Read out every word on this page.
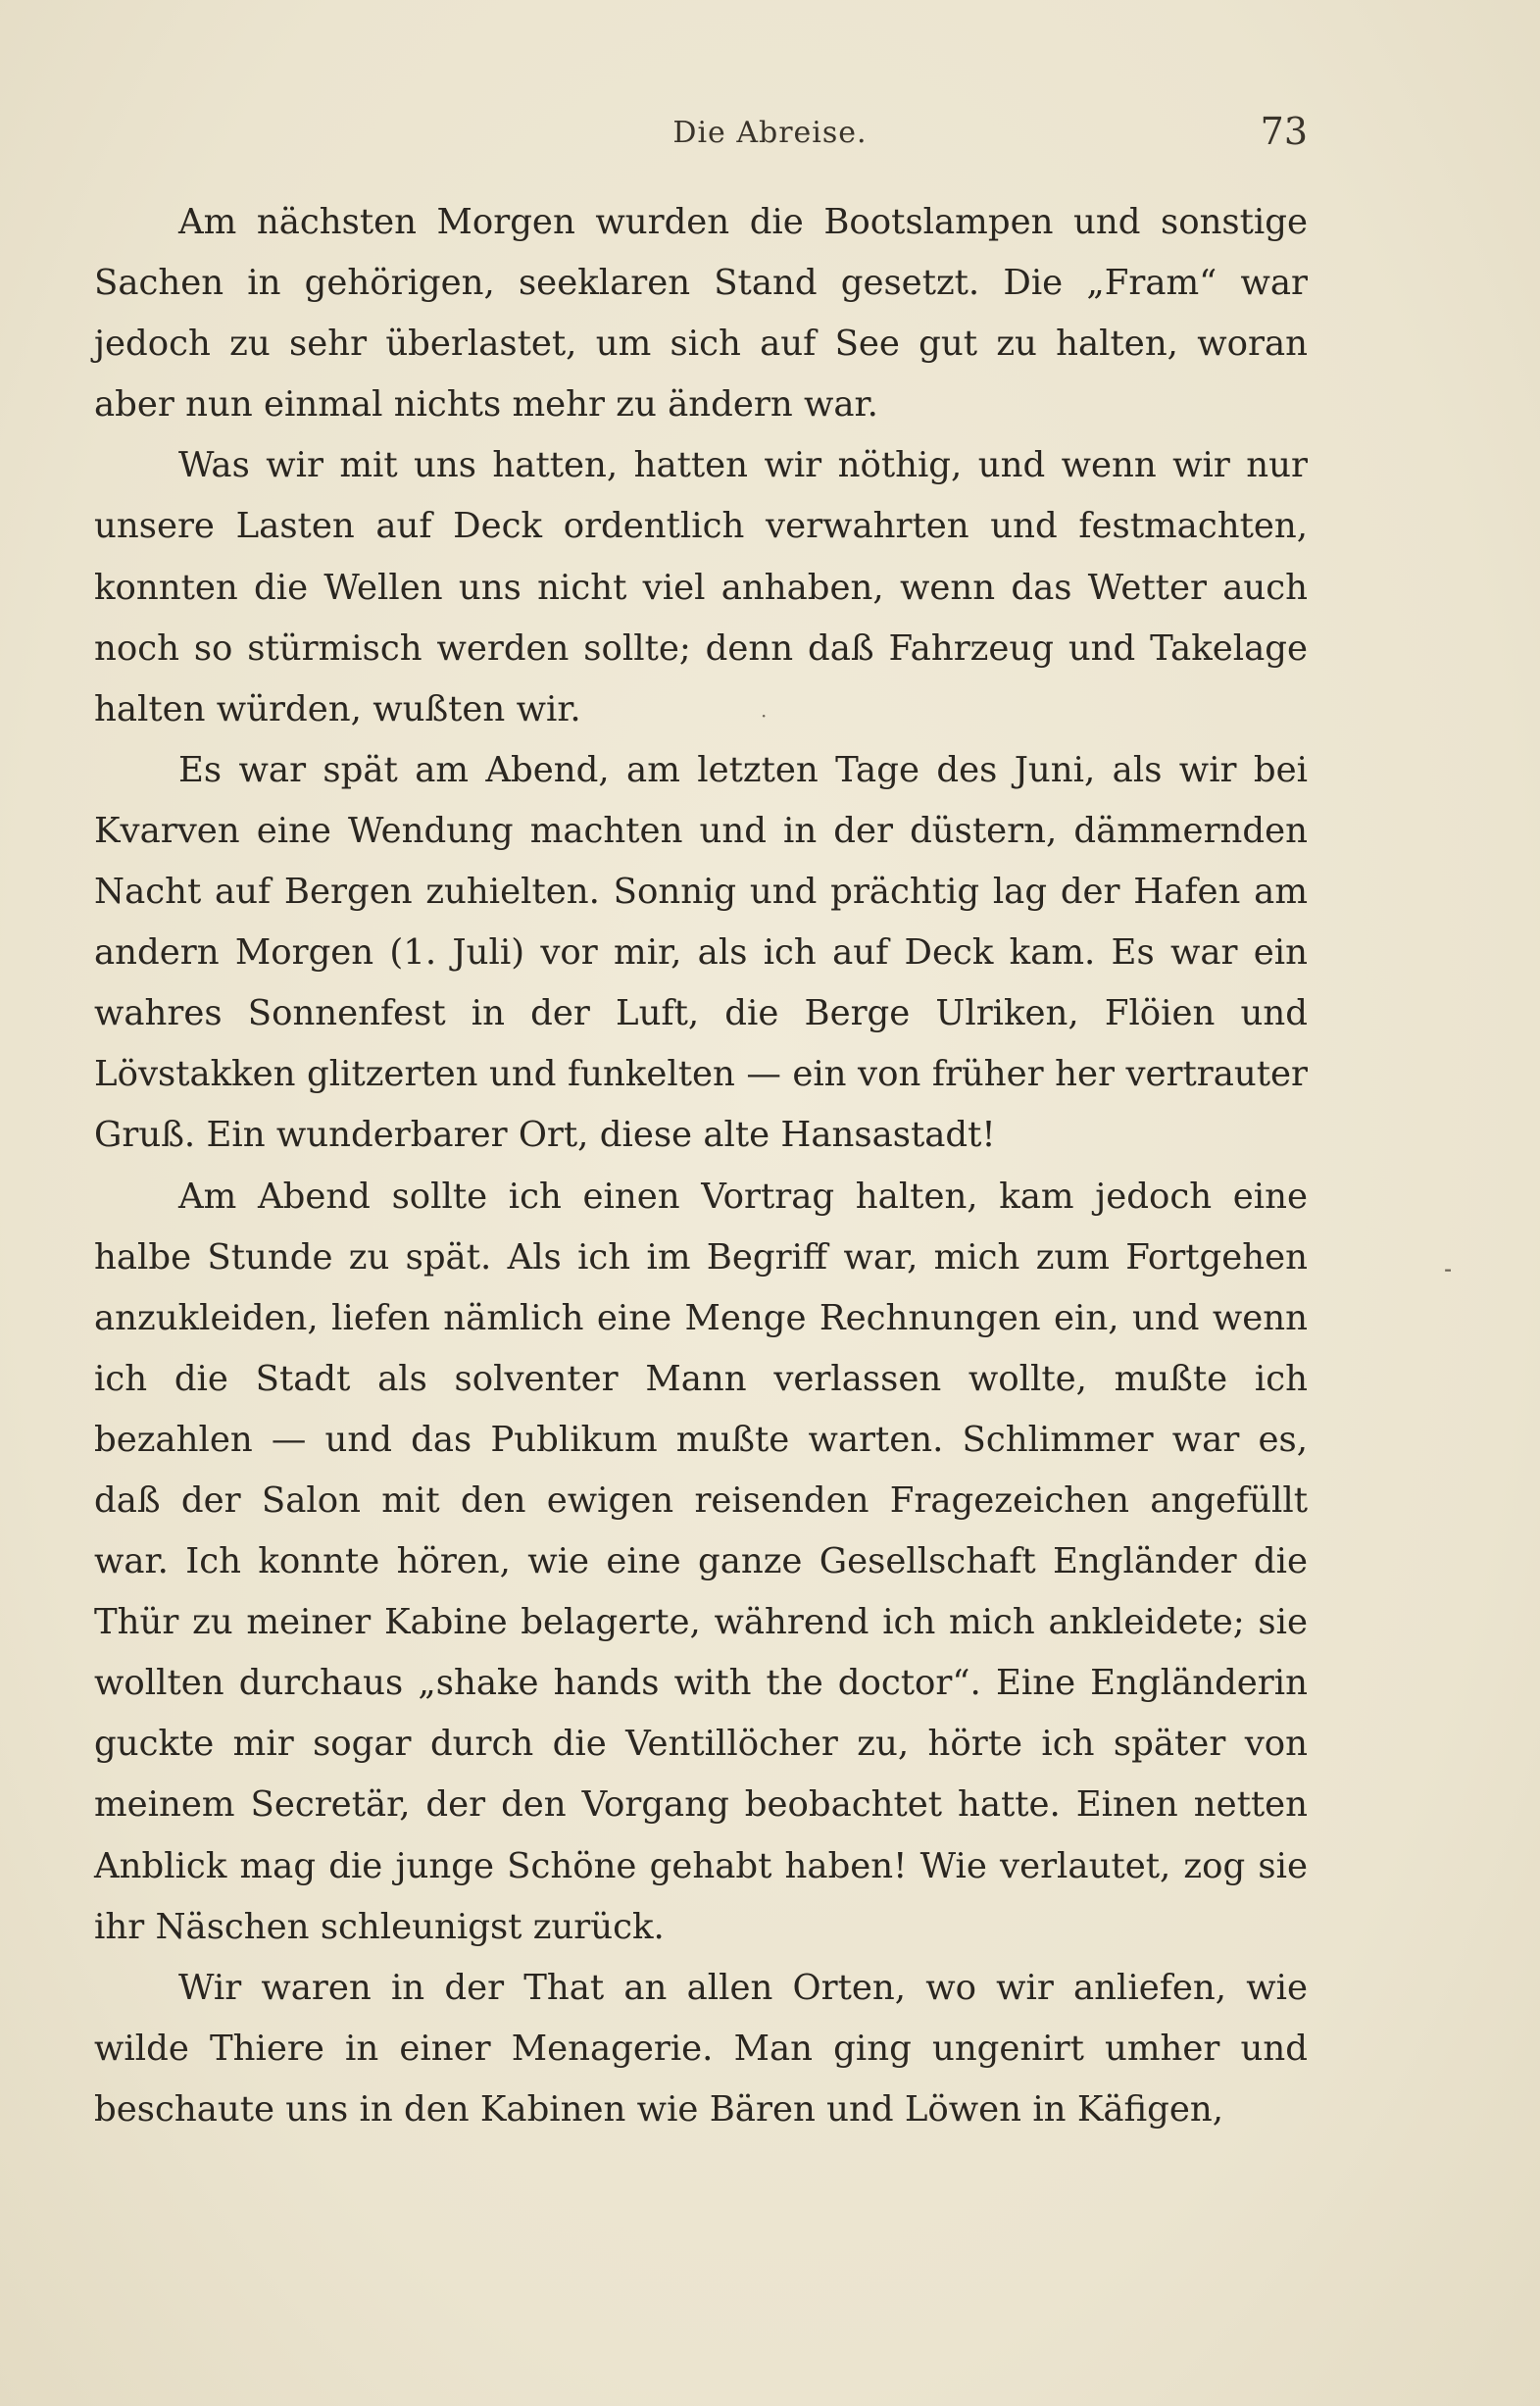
Die Abreise.	73

Am nächsten Morgen wurden die Bootslampen und sonstige Sachen in gehörigen, seeklaren Stand gesetzt. Die „Fram“ war jedoch zu sehr überlastet, um sich auf See gut zu halten, woran aber nun einmal nichts mehr zu ändern war.

Was wir mit uns hatten, hatten wir nöthig, und wenn wir nur unsere Lasten auf Deck ordentlich verwahrten und festmachten, konnten die Wellen uns nicht viel anhaben, wenn das Wetter auch noch so stürmisch werden sollte; denn daß Fahrzeug und Takelage halten würden, wußten wir.

Es war spät am Abend, am letzten Tage des Juni, als wir bei Kvarven eine Wendung machten und in der düstern, dämmernden Nacht auf Bergen zuhielten. Sonnig und prächtig lag der Hafen am andern Morgen (1. Juli) vor mir, als ich auf Deck kam. Es war ein wahres Sonnenfest in der Luft, die Berge Ulriken, Flöien und Lövstakken glitzerten und funkelten — ein von früher her vertrauter Gruß. Ein wunderbarer Ort, diese alte Hansastadt!

Am Abend sollte ich einen Vortrag halten, kam jedoch eine halbe Stunde zu spät. Als ich im Begriff war, mich zum Fortgehen anzukleiden, liefen nämlich eine Menge Rechnungen ein, und wenn ich die Stadt als solventer Mann verlassen wollte, mußte ich bezahlen — und das Publikum mußte warten. Schlimmer war es, daß der Salon mit den ewigen reisenden Fragezeichen angefüllt war. Ich konnte hören, wie eine ganze Gesellschaft Engländer die Thür zu meiner Kabine belagerte, während ich mich ankleidete; sie wollten durchaus „shake hands with the doctor“. Eine Engländerin guckte mir sogar durch die Ventillöcher zu, hörte ich später von meinem Secretär, der den Vorgang beobachtet hatte. Einen netten Anblick mag die junge Schöne gehabt haben! Wie verlautet, zog sie ihr Näschen schleunigst zurück.

Wir waren in der That an allen Orten, wo wir anliefen, wie wilde Thiere in einer Menagerie. Man ging ungenirt umher und beschaute uns in den Kabinen wie Bären und Löwen in Käfigen,

·
⁃
